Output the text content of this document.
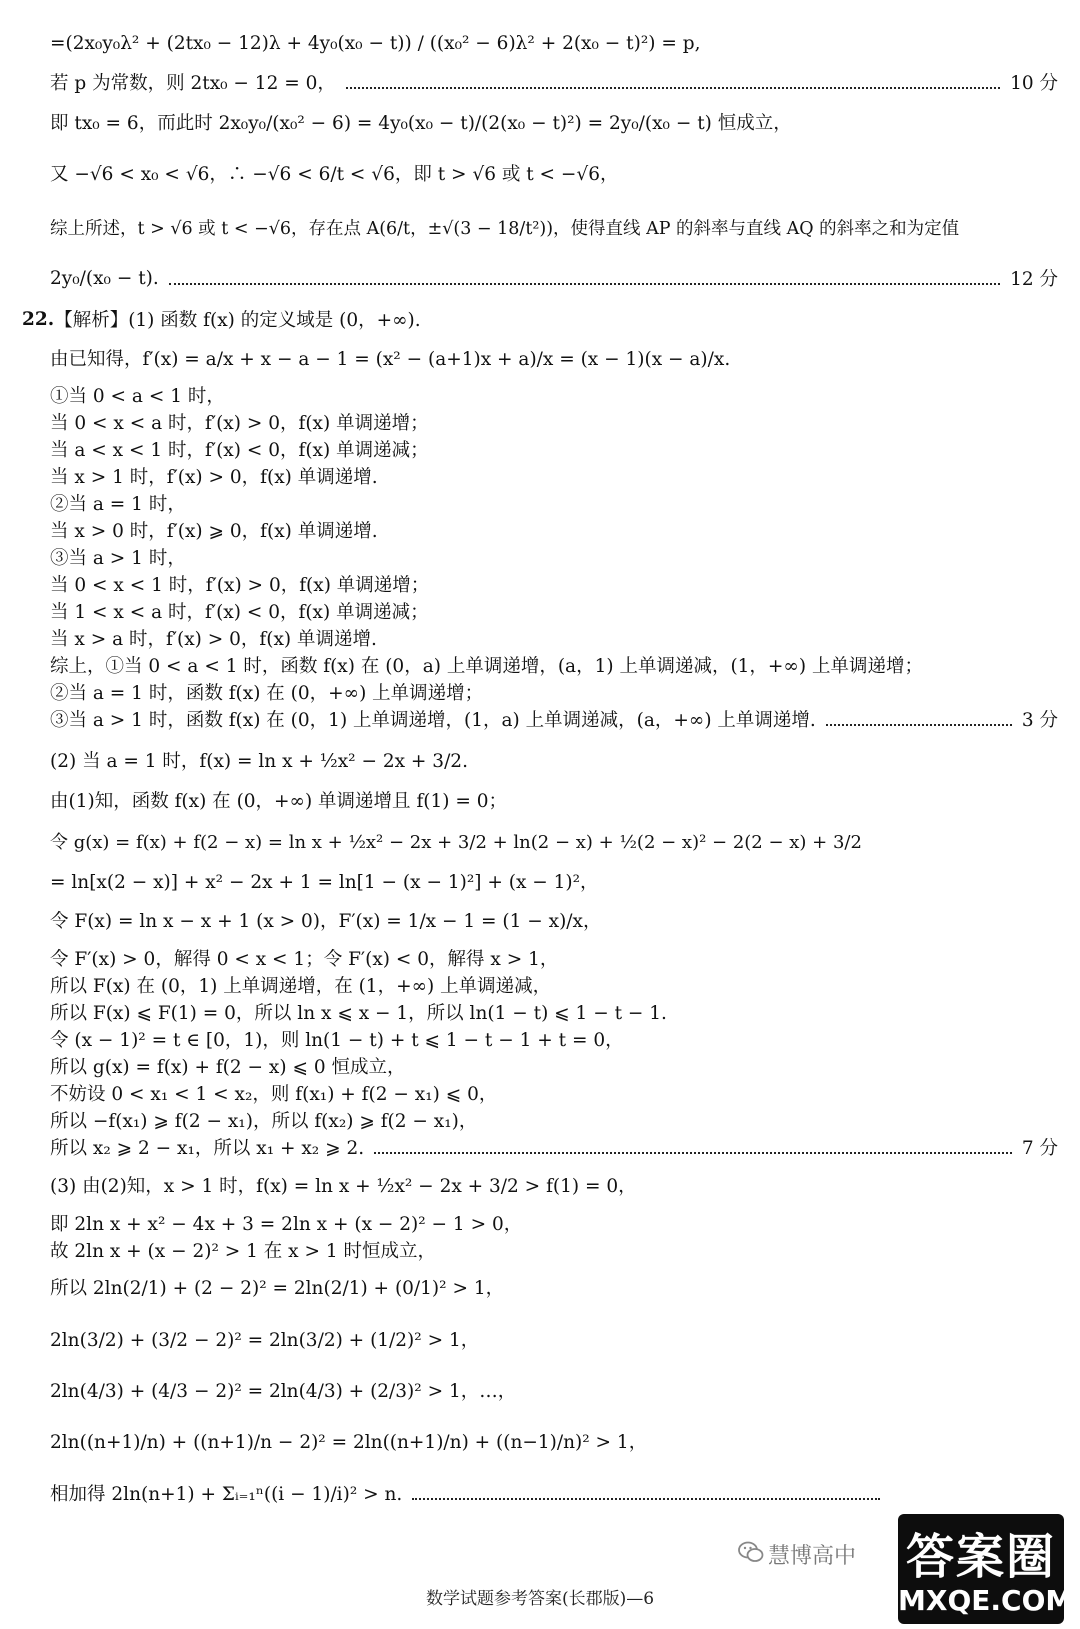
=(2x₀y₀λ² + (2tx₀ − 12)λ + 4y₀(x₀ − t)) / ((x₀² − 6)λ² + 2(x₀ − t)²) = p,
若 p 为常数，则 2tx₀ − 12 = 0，	10 分
即 tx₀ = 6，而此时 2x₀y₀/(x₀² − 6) = 4y₀(x₀ − t)/(2(x₀ − t)²) = 2y₀/(x₀ − t) 恒成立，
又 −√6 < x₀ < √6，∴ −√6 < 6/t < √6，即 t > √6 或 t < −√6，
综上所述，t > √6 或 t < −√6，存在点 A(6/t，±√(3 − 18/t²))，使得直线 AP 的斜率与直线 AQ 的斜率之和为定值
2y₀/(x₀ − t).	12 分
22. 【解析】(1) 函数 f(x) 的定义域是 (0，+∞).
由已知得，f′(x) = a/x + x − a − 1 = (x² − (a+1)x + a)/x = (x − 1)(x − a)/x.
①当 0 < a < 1 时，
当 0 < x < a 时，f′(x) > 0，f(x) 单调递增；
当 a < x < 1 时，f′(x) < 0，f(x) 单调递减；
当 x > 1 时，f′(x) > 0，f(x) 单调递增.
②当 a = 1 时，
当 x > 0 时，f′(x) ⩾ 0，f(x) 单调递增.
③当 a > 1 时，
当 0 < x < 1 时，f′(x) > 0，f(x) 单调递增；
当 1 < x < a 时，f′(x) < 0，f(x) 单调递减；
当 x > a 时，f′(x) > 0，f(x) 单调递增.
综上，①当 0 < a < 1 时，函数 f(x) 在 (0，a) 上单调递增，(a，1) 上单调递减，(1，+∞) 上单调递增；
②当 a = 1 时，函数 f(x) 在 (0，+∞) 上单调递增；
③当 a > 1 时，函数 f(x) 在 (0，1) 上单调递增，(1，a) 上单调递减，(a，+∞) 上单调递增.	3 分
(2) 当 a = 1 时，f(x) = ln x + ½x² − 2x + 3/2.
由(1)知，函数 f(x) 在 (0，+∞) 单调递增且 f(1) = 0；
令 g(x) = f(x) + f(2 − x) = ln x + ½x² − 2x + 3/2 + ln(2 − x) + ½(2 − x)² − 2(2 − x) + 3/2
= ln[x(2 − x)] + x² − 2x + 1 = ln[1 − (x − 1)²] + (x − 1)²，
令 F(x) = ln x − x + 1 (x > 0)，F′(x) = 1/x − 1 = (1 − x)/x，
令 F′(x) > 0，解得 0 < x < 1；令 F′(x) < 0，解得 x > 1，
所以 F(x) 在 (0，1) 上单调递增，在 (1，+∞) 上单调递减，
所以 F(x) ⩽ F(1) = 0，所以 ln x ⩽ x − 1，所以 ln(1 − t) ⩽ 1 − t − 1.
令 (x − 1)² = t ∈ [0，1)，则 ln(1 − t) + t ⩽ 1 − t − 1 + t = 0，
所以 g(x) = f(x) + f(2 − x) ⩽ 0 恒成立，
不妨设 0 < x₁ < 1 < x₂，则 f(x₁) + f(2 − x₁) ⩽ 0，
所以 −f(x₁) ⩾ f(2 − x₁)，所以 f(x₂) ⩾ f(2 − x₁)，
所以 x₂ ⩾ 2 − x₁，所以 x₁ + x₂ ⩾ 2.	7 分
(3) 由(2)知，x > 1 时，f(x) = ln x + ½x² − 2x + 3/2 > f(1) = 0，
即 2ln x + x² − 4x + 3 = 2ln x + (x − 2)² − 1 > 0，
故 2ln x + (x − 2)² > 1 在 x > 1 时恒成立，
所以 2ln(2/1) + (2 − 2)² = 2ln(2/1) + (0/1)² > 1，
2ln(3/2) + (3/2 − 2)² = 2ln(3/2) + (1/2)² > 1，
2ln(4/3) + (4/3 − 2)² = 2ln(4/3) + (2/3)² > 1，…，
2ln((n+1)/n) + ((n+1)/n − 2)² = 2ln((n+1)/n) + ((n−1)/n)² > 1，
相加得 2ln(n+1) + Σᵢ₌₁ⁿ((i − 1)/i)² > n.
慧博高中 答案圈
MXQE.COM
数学试题参考答案(长郡版)—6
